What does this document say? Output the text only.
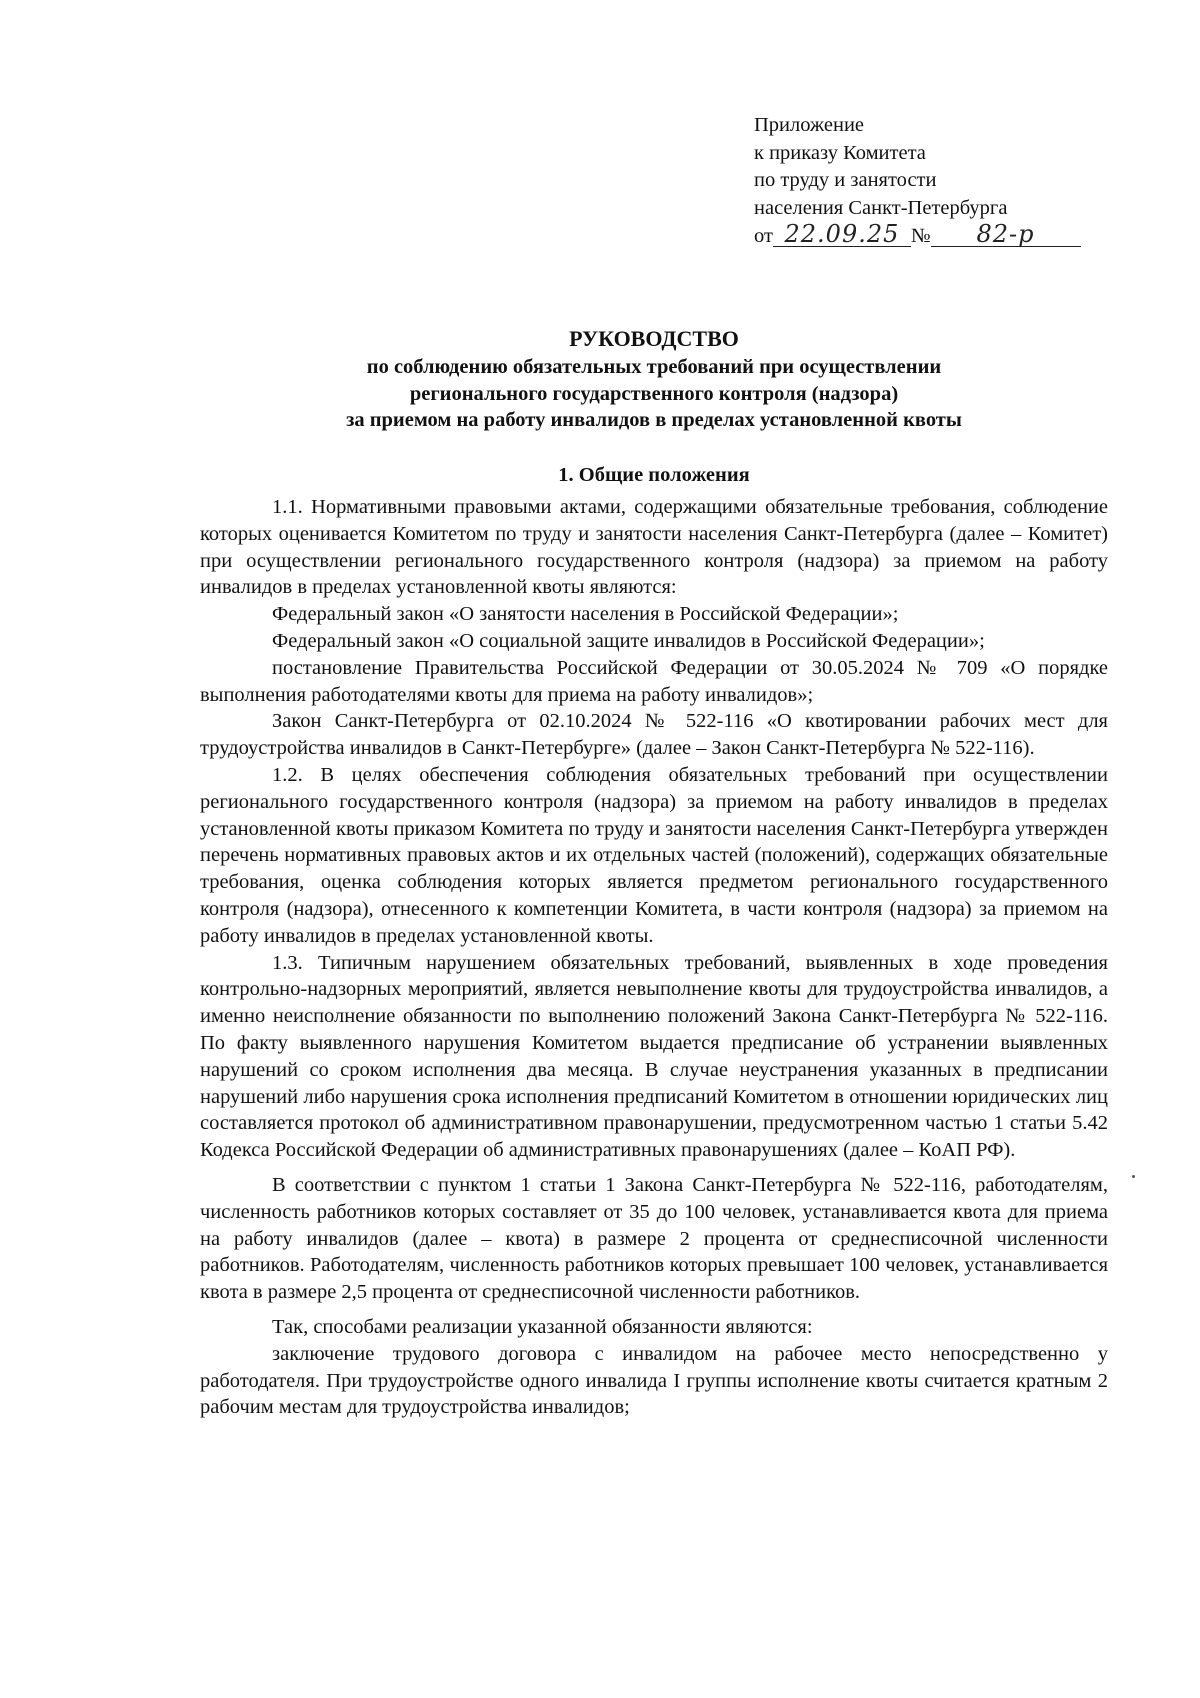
Приложение
к приказу Комитета
по труду и занятости
населения Санкт-Петербурга
от 22.09.25 № 82-р
РУКОВОДСТВО
по соблюдению обязательных требований при осуществлении
регионального государственного контроля (надзора)
за приемом на работу инвалидов в пределах установленной квоты
1. Общие положения

1.1. Нормативными правовыми актами, содержащими обязательные требования, соблюдение которых оценивается Комитетом по труду и занятости населения Санкт-Петербурга (далее – Комитет) при осуществлении регионального государственного контроля (надзора) за приемом на работу инвалидов в пределах установленной квоты являются:

Федеральный закон «О занятости населения в Российской Федерации»;

Федеральный закон «О социальной защите инвалидов в Российской Федерации»;

постановление Правительства Российской Федерации от 30.05.2024 № 709 «О порядке выполнения работодателями квоты для приема на работу инвалидов»;

Закон Санкт-Петербурга от 02.10.2024 № 522-116 «О квотировании рабочих мест для трудоустройства инвалидов в Санкт-Петербурге» (далее – Закон Санкт-Петербурга № 522-116).

1.2. В целях обеспечения соблюдения обязательных требований при осуществлении регионального государственного контроля (надзора) за приемом на работу инвалидов в пределах установленной квоты приказом Комитета по труду и занятости населения Санкт-Петербурга утвержден перечень нормативных правовых актов и их отдельных частей (положений), содержащих обязательные требования, оценка соблюдения которых является предметом регионального государственного контроля (надзора), отнесенного к компетенции Комитета, в части контроля (надзора) за приемом на работу инвалидов в пределах установленной квоты.

1.3. Типичным нарушением обязательных требований, выявленных в ходе проведения контрольно-надзорных мероприятий, является невыполнение квоты для трудоустройства инвалидов, а именно неисполнение обязанности по выполнению положений Закона Санкт-Петербурга № 522-116. По факту выявленного нарушения Комитетом выдается предписание об устранении выявленных нарушений со сроком исполнения два месяца. В случае неустранения указанных в предписании нарушений либо нарушения срока исполнения предписаний Комитетом в отношении юридических лиц составляется протокол об административном правонарушении, предусмотренном частью 1 статьи 5.42 Кодекса Российской Федерации об административных правонарушениях (далее – КоАП РФ).

В соответствии с пунктом 1 статьи 1 Закона Санкт-Петербурга № 522-116, работодателям, численность работников которых составляет от 35 до 100 человек, устанавливается квота для приема на работу инвалидов (далее – квота) в размере 2 процента от среднесписочной численности работников. Работодателям, численность работников которых превышает 100 человек, устанавливается квота в размере 2,5 процента от среднесписочной численности работников.

Так, способами реализации указанной обязанности являются:

заключение трудового договора с инвалидом на рабочее место непосредственно у работодателя. При трудоустройстве одного инвалида I группы исполнение квоты считается кратным 2 рабочим местам для трудоустройства инвалидов;
